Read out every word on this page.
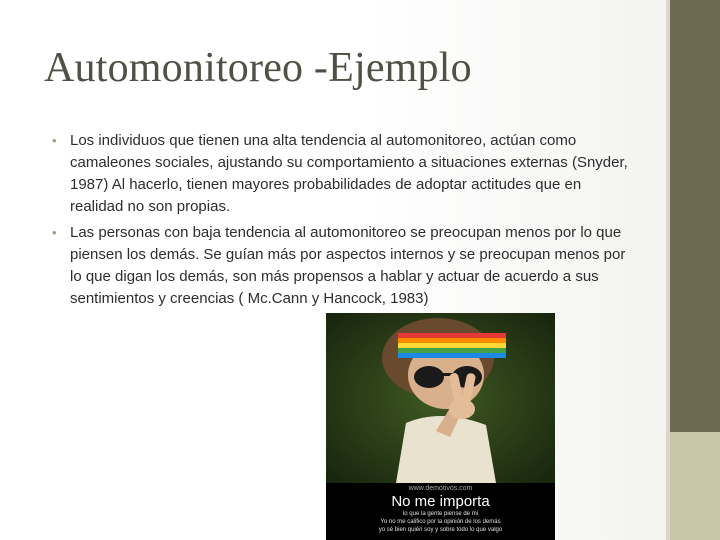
Automonitoreo -Ejemplo
• Los individuos que tienen una alta tendencia al automonitoreo, actúan como camaleones sociales, ajustando su comportamiento a situaciones externas (Snyder, 1987) Al hacerlo, tienen mayores probabilidades de adoptar actitudes que en realidad no son propias.
• Las personas con baja tendencia al automonitoreo se preocupan menos por lo que piensen los demás. Se guían más por aspectos internos y se preocupan menos por lo que digan los demás, son más propensos a hablar y actuar de acuerdo a sus sentimientos y creencias ( Mc.Cann y Hancock, 1983)
www.demotivos.com
No me importa
lo que la gente piense de mi
Yo no me califico por la opinión de los demás
yo sé bien quién soy y sobre todo lo que valgo
